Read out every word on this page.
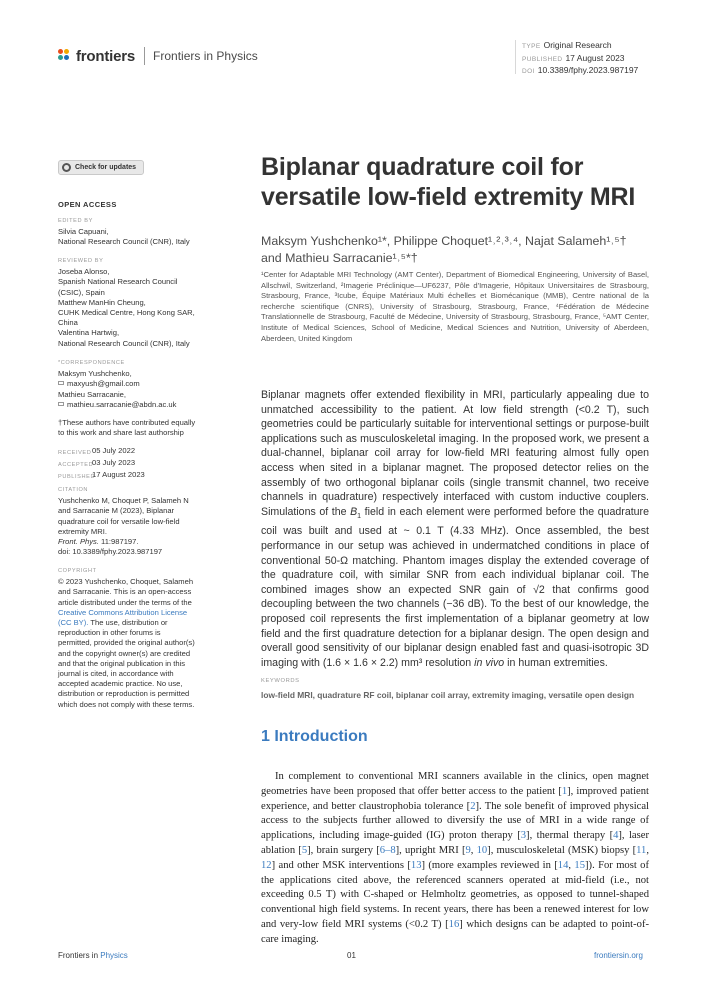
frontiers Frontiers in Physics
TYPE Original Research
PUBLISHED 17 August 2023
DOI 10.3389/fphy.2023.987197
Check for updates
OPEN ACCESS
EDITED BY
Silvia Capuani,
National Research Council (CNR), Italy
REVIEWED BY
Joseba Alonso,
Spanish National Research Council
(CSIC), Spain
Matthew ManHin Cheung,
CUHK Medical Centre, Hong Kong SAR,
China
Valentina Hartwig,
National Research Council (CNR), Italy
*CORRESPONDENCE
Maksym Yushchenko,
maxyush@gmail.com
Mathieu Sarracanie,
mathieu.sarracanie@abdn.ac.uk
†These authors have contributed equally
to this work and share last authorship
RECEIVED 05 July 2022
ACCEPTED
03 July 2023
PUBLISHED
17 August 2023
CITATION
Yushchenko M, Choquet P, Salameh N
and Sarracanie M (2023), Biplanar
quadrature coil for versatile low-field
extremity MRI.
Front. Phys. 11:987197.
doi: 10.3389/fphy.2023.987197
COPYRIGHT
© 2023 Yushchenko, Choquet, Salameh
and Sarracanie. This is an open-access
article distributed under the terms of the
Creative Commons Attribution License
(CC BY). The use, distribution or
reproduction in other forums is
permitted, provided the original author(s)
and the copyright owner(s) are credited
and that the original publication in this
journal is cited, in accordance with
accepted academic practice. No use,
distribution or reproduction is permitted
which does not comply with these terms.
Biplanar quadrature coil for versatile low-field extremity MRI
Maksym Yushchenko¹*, Philippe Choquet¹˒²˒³˒⁴, Najat Salameh¹˒⁵†
and Mathieu Sarracanie¹˒⁵*†
¹Center for Adaptable MRI Technology (AMT Center), Department of Biomedical Engineering, University of Basel, Allschwil, Switzerland, ²Imagerie Préclinique—UF6237, Pôle d'Imagerie, Hôpitaux Universitaires de Strasbourg, Strasbourg, France, ³Icube, Équipe Matériaux Multi échelles et Biomécanique (MMB), Centre national de la recherche scientifique (CNRS), University of Strasbourg, Strasbourg, France, ⁴Fédération de Médecine Translationnelle de Strasbourg, Faculté de Médecine, University of Strasbourg, Strasbourg, France, ⁵AMT Center, Institute of Medical Sciences, School of Medicine, Medical Sciences and Nutrition, University of Aberdeen, Aberdeen, United Kingdom
Biplanar magnets offer extended flexibility in MRI, particularly appealing due to unmatched accessibility to the patient. At low field strength (<0.2 T), such geometries could be particularly suitable for interventional settings or purpose-built applications such as musculoskeletal imaging. In the proposed work, we present a dual-channel, biplanar coil array for low-field MRI featuring almost fully open access when sited in a biplanar magnet. The proposed detector relies on the assembly of two orthogonal biplanar coils (single transmit channel, two receive channels in quadrature) respectively interfaced with custom inductive couplers. Simulations of the $B_1$ field in each element were performed before the quadrature coil was built and used at ~ 0.1 T (4.33 MHz). Once assembled, the best performance in our setup was achieved in undermatched conditions in place of conventional 50-Ω matching. Phantom images display the extended coverage of the quadrature coil, with similar SNR from each individual biplanar coil. The combined images show an expected SNR gain of √2 that confirms good decoupling between the two channels (−36 dB). To the best of our knowledge, the proposed coil represents the first implementation of a biplanar geometry at low field and the first quadrature detection for a biplanar design. The open design and overall good sensitivity of our biplanar design enabled fast and quasi-isotropic 3D imaging with (1.6 × 1.6 × 2.2) mm³ resolution in vivo in human extremities.
KEYWORDS
low-field MRI, quadrature RF coil, biplanar coil array, extremity imaging, versatile open design
1 Introduction

In complement to conventional MRI scanners available in the clinics, open magnet geometries have been proposed that offer better access to the patient [1], improved patient experience, and better claustrophobia tolerance [2]. The sole benefit of improved physical access to the subjects further allowed to diversify the use of MRI in a wide range of applications, including image-guided (IG) proton therapy [3], thermal therapy [4], laser ablation [5], brain surgery [6–8], upright MRI [9, 10], musculoskeletal (MSK) biopsy [11, 12] and other MSK interventions [13] (more examples reviewed in [14, 15]). For most of the applications cited above, the referenced scanners operated at mid-field (i.e., not exceeding 0.5 T) with C-shaped or Helmholtz geometries, as opposed to tunnel-shaped conventional high field systems. In recent years, there has been a renewed interest for low and very-low field MRI systems (<0.2 T) [16] which designs can be adapted to point-of-care imaging.

Frontiers in Physics	01	frontiersin.org
